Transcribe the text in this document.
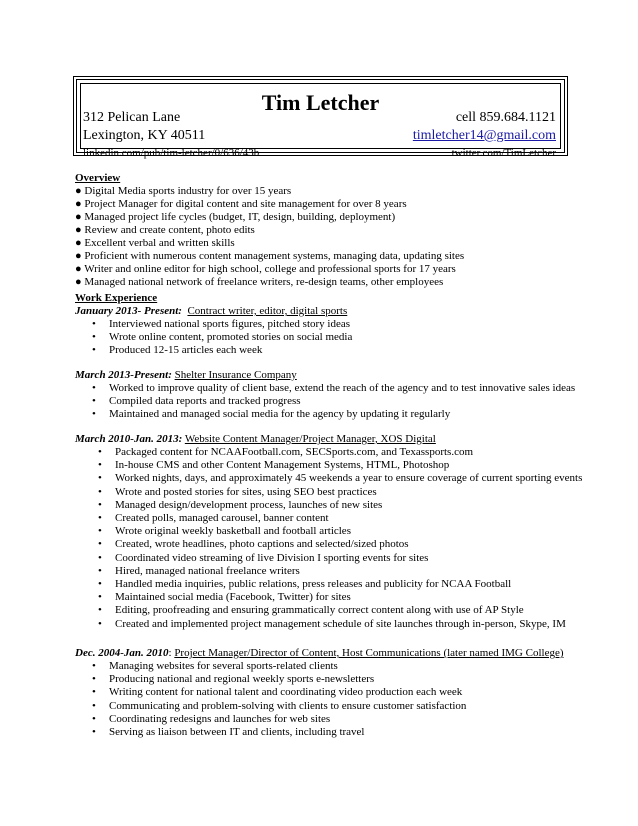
Tim Letcher
312 Pelican Lane	cell 859.684.1121
Lexington, KY 40511	timletcher14@gmail.com
linkedin.com/pub/tim-letcher/0/636/43b	twitter.com/TimLetcher
Overview
● Digital Media sports industry for over 15 years
● Project Manager for digital content and site management for over 8 years
● Managed project life cycles (budget, IT, design, building, deployment)
● Review and create content, photo edits
● Excellent verbal and written skills
● Proficient with numerous content management systems, managing data, updating sites
● Writer and online editor for high school, college and professional sports for 17 years
● Managed national network of freelance writers, re-design teams, other employees
Work Experience
January 2013- Present: Contract writer, editor, digital sports
• Interviewed national sports figures, pitched story ideas
• Wrote online content, promoted stories on social media
• Produced 12-15 articles each week
March 2013-Present: Shelter Insurance Company
• Worked to improve quality of client base, extend the reach of the agency and to test innovative sales ideas
• Compiled data reports and tracked progress
• Maintained and managed social media for the agency by updating it regularly
March 2010-Jan. 2013: Website Content Manager/Project Manager, XOS Digital
• Packaged content for NCAAFootball.com, SECSports.com, and Texassports.com
• In-house CMS and other Content Management Systems, HTML, Photoshop
• Worked nights, days, and approximately 45 weekends a year to ensure coverage of current sporting events
• Wrote and posted stories for sites, using SEO best practices
• Managed design/development process, launches of new sites
• Created polls, managed carousel, banner content
• Wrote original weekly basketball and football articles
• Created, wrote headlines, photo captions and selected/sized photos
• Coordinated video streaming of live Division I sporting events for sites
• Hired, managed national freelance writers
• Handled media inquiries, public relations, press releases and publicity for NCAA Football
• Maintained social media (Facebook, Twitter) for sites
• Editing, proofreading and ensuring grammatically correct content along with use of AP Style
• Created and implemented project management schedule of site launches through in-person, Skype, IM
Dec. 2004-Jan. 2010: Project Manager/Director of Content, Host Communications (later named IMG College)
• Managing websites for several sports-related clients
• Producing national and regional weekly sports e-newsletters
• Writing content for national talent and coordinating video production each week
• Communicating and problem-solving with clients to ensure customer satisfaction
• Coordinating redesigns and launches for web sites
• Serving as liaison between IT and clients, including travel
